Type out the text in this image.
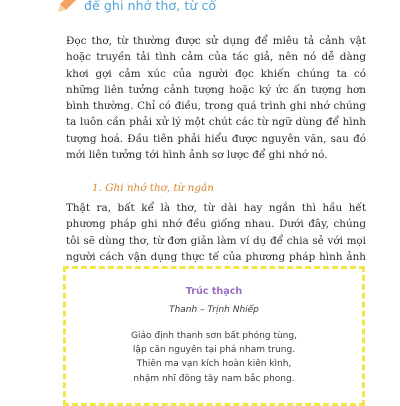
để ghi nhớ thơ, từ cổ
Đọc thơ, từ thường được sử dụng để miêu tả cảnh vật hoặc truyền tải tình cảm của tác giả, nên nó dễ dàng khơi gợi cảm xúc của người đọc khiến chúng ta có những liên tưởng cảnh tượng hoặc ký ức ấn tượng hơn bình thường. Chỉ có điều, trong quá trình ghi nhớ chúng ta luôn cần phải xử lý một chút các từ ngữ dùng để hình tượng hoá. Đầu tiên phải hiểu được nguyên văn, sau đó mới liên tưởng tới hình ảnh sơ lược để ghi nhớ nó.
1. Ghi nhớ thơ, từ ngắn
Thật ra, bất kể là thơ, từ dài hay ngắn thì hầu hết phương pháp ghi nhớ đều giống nhau. Dưới đây, chúng tôi sẽ dùng thơ, từ đơn giản làm ví dụ để chia sẻ với mọi người cách vận dụng thực tế của phương pháp hình ảnh
Trúc thạch
Thanh – Trịnh Nhiếp
Giảo định thanh sơn bất phóng tùng,
lập căn nguyên tại phá nham trung.
Thiên ma vạn kích hoàn kiên kình,
nhậm nhĩ đông tây nam bắc phong.
